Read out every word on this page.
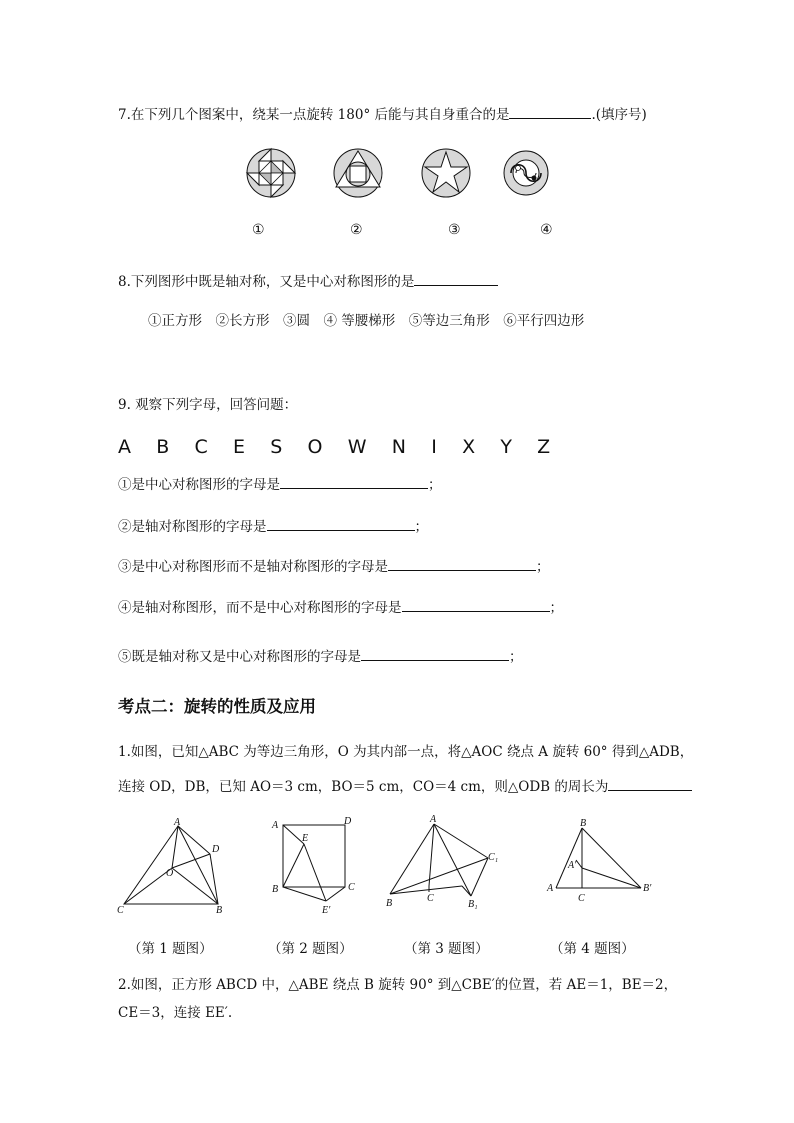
7.在下列几个图案中，绕某一点旋转 180° 后能与其自身重合的是	.(填序号)
①	②	③	④
8.下列图形中既是轴对称，又是中心对称图形的是
①正方形　②长方形　③圆　④ 等腰梯形　⑤等边三角形　⑥平行四边形
9. 观察下列字母，回答问题：
A B C E S O W N I X Y Z
①是中心对称图形的字母是	；
②是轴对称图形的字母是	；
③是中心对称图形而不是轴对称图形的字母是	；
④是轴对称图形，而不是中心对称图形的字母是	；
⑤既是轴对称又是中心对称图形的字母是	；
考点二：旋转的性质及应用
1.如图，已知△ABC 为等边三角形，O 为其内部一点，将△AOC 绕点 A 旋转 60° 得到△ADB，
连接 OD，DB，已知 AO＝3 cm，BO＝5 cm，CO＝4 cm，则△ODB 的周长为
A
D
O
C	B
A	D
E
B	C
E′
A
C₁
C
B	B₁
B
A′
A
C
B′
（第 1 题图）	（第 2 题图）	（第 3 题图）	（第 4 题图）
2.如图，正方形 ABCD 中，△ABE 绕点 B 旋转 90° 到△CBE′的位置，若 AE＝1，BE＝2，
CE＝3，连接 EE′.
